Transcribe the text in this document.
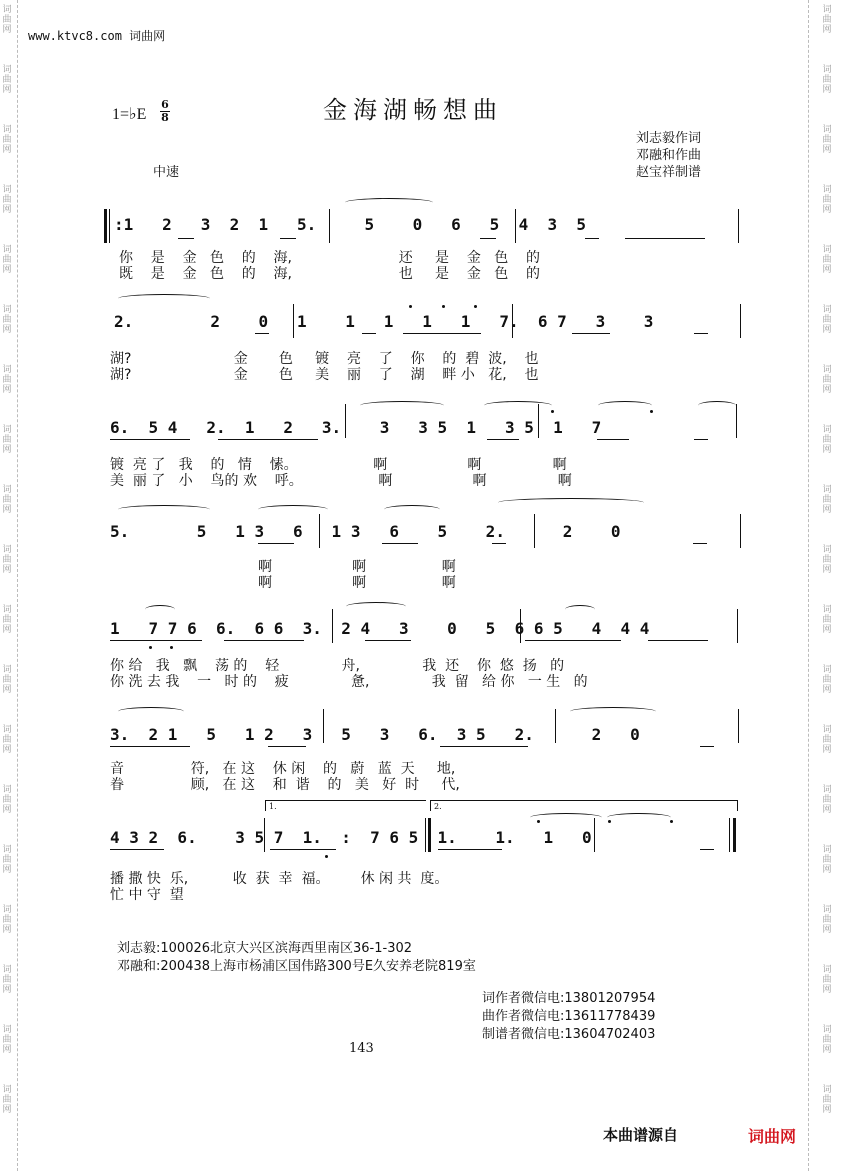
词
曲
网
词
曲
网
词
曲
网
词
曲
网
词
曲
网
词
曲
网
词
曲
网
词
曲
网
词
曲
网
词
曲
网
词
曲
网
词
曲
网
词
曲
网
词
曲
网
词
曲
网
词
曲
网
词
曲
网
词
曲
网
词
曲
网
词
曲
网
词
曲
网
词
曲
网
词
曲
网
词
曲
网
词
曲
网
词
曲
网
词
曲
网
词
曲
网
词
曲
网
词
曲
网
词
曲
网
词
曲
网
词
曲
网
词
曲
网
词
曲
网
词
曲
网
词
曲
网
词
曲
网
www.ktvc8.com 词曲网
金海湖畅想曲
1=♭E
6
8
中速
刘志毅作词
邓融和作曲
赵宝祥制谱
:1   2   3  2  1   5.     5    0   6   5  4  3  5
你    是    金   色    的    海,                        还     是    金   色    的
既    是    金   色    的    海,                        也     是    金   色    的
2.        2    0   1    1   1   1   1   7.  6 7   3    3
湖?                       金       色     镀    亮    了    你    的  碧  波,    也
湖?                       金       色     美    丽    了    湖    畔 小   花,    也
6.  5 4   2.  1   2   3.    3   3 5  1   3 5  1   7
镀  亮 了   我    的   情    愫。                 啊                  啊                啊
美  丽 了   小    鸟的 欢    呼。                 啊                  啊                啊
5.       5   1 3   6   1 3   6    5    2.      2    0
啊                  啊                 啊
啊                  啊                 啊
1   7 7 6  6.  6 6  3.  2 4   3    0   5  6 6 5   4  4 4
你 给   我   飘    荡 的    轻              舟,              我  还    你  悠  扬   的
你 洗 去 我    一   时 的    疲              惫,              我  留   给 你   一 生   的
3.  2 1   5   1 2   3   5   3   6.  3 5   2.      2   0
音               符,   在 这    休 闲    的   蔚   蓝  天     地,
眷               顾,   在 这    和  谐    的   美   好  时     代,
1.	2.
4 3 2  6.    3 5 7  1.  :  7 6 5  1.    1.   1   0
播 撒 快  乐,          收  获  幸  福。       休 闲 共  度。
忙 中 守  望
刘志毅:100026北京大兴区滨海西里南区36-1-302
邓融和:200438上海市杨浦区国伟路300号E久安养老院819室
词作者微信电:13801207954
曲作者微信电:13611778439
制谱者微信电:13604702403
143
本曲谱源自	词曲网
